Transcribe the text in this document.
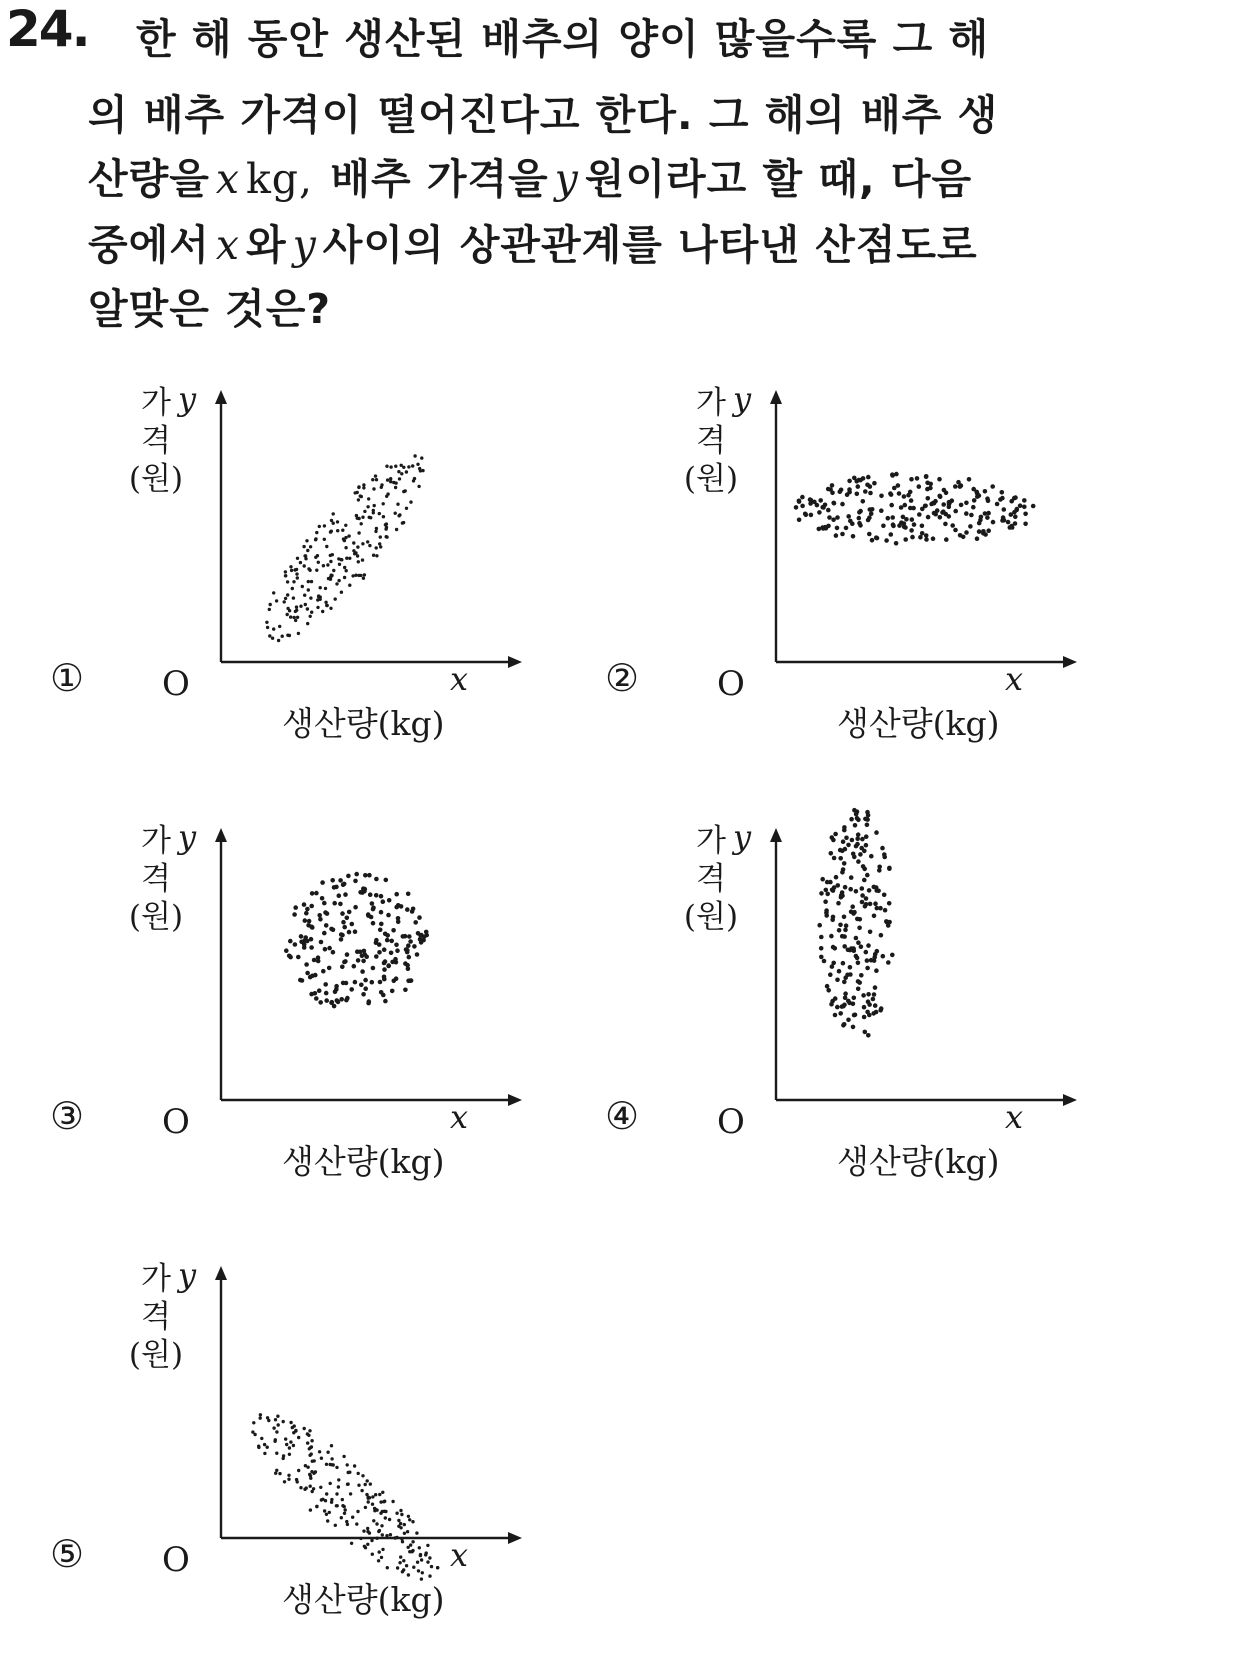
24. 한 해 동안 생산된 배추의 양이 많을수록 그 해
의 배추 가격이 떨어진다고 한다. 그 해의 배추 생
산량을 x kg, 배추 가격을 y 원이라고 할 때, 다음
중에서 x 와 y 사이의 상관관계를 나타낸 산점도로
알맞은 것은?
가
격
(원)
y
x
O
생산량(kg)
①
가
격
(원)
y
x
O
생산량(kg)
②
가
격
(원)
y
x
O
생산량(kg)
③
가
격
(원)
y
x
O
생산량(kg)
④
가
격
(원)
y
x
O
생산량(kg)
⑤
